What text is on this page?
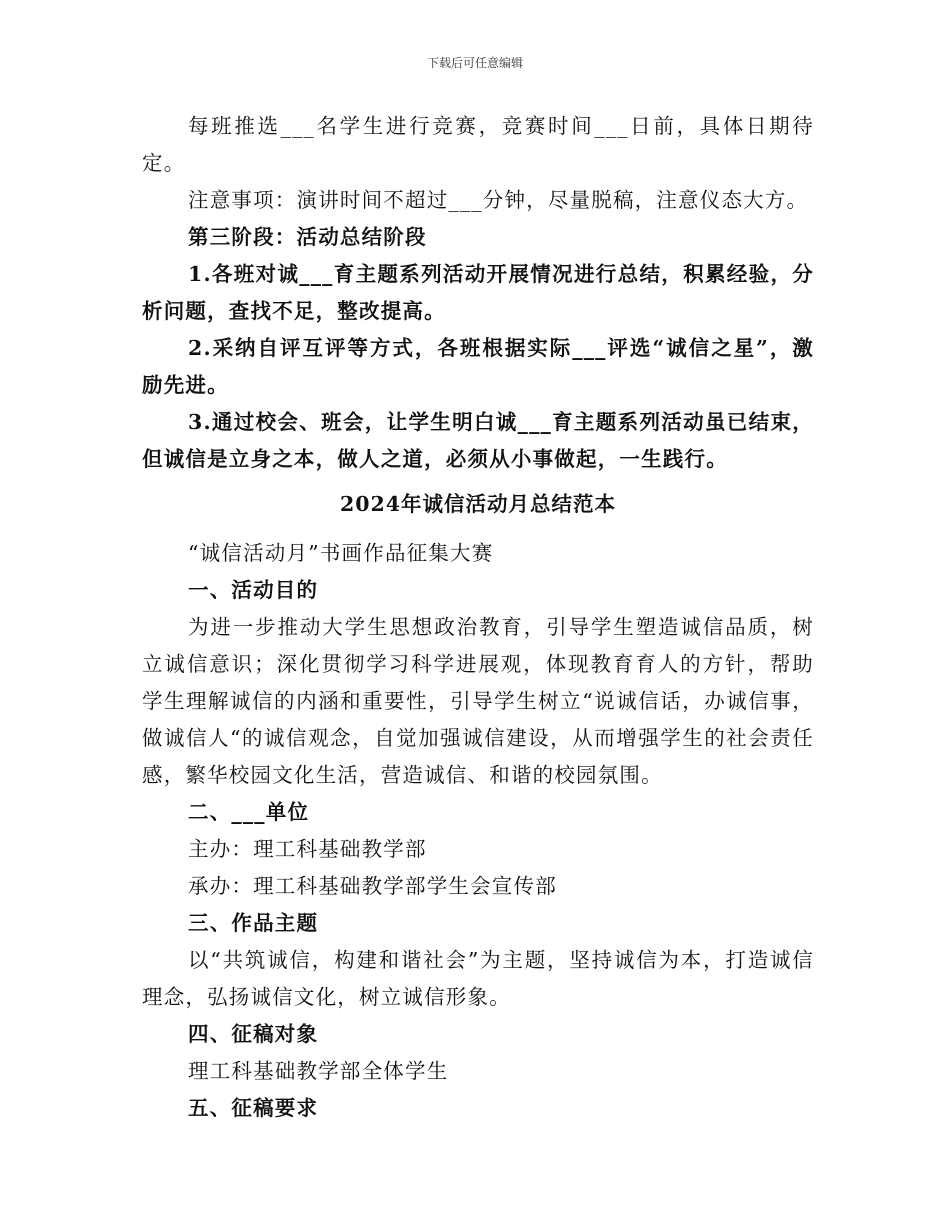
下载后可任意编辑

每班推选___名学生进行竞赛，竞赛时间___日前，具体日期待定。

注意事项：演讲时间不超过___分钟，尽量脱稿，注意仪态大方。

第三阶段：活动总结阶段

1.各班对诚___育主题系列活动开展情况进行总结，积累经验，分析问题，查找不足，整改提高。

2.采纳自评互评等方式，各班根据实际___评选“诚信之星”，激励先进。

3.通过校会、班会，让学生明白诚___育主题系列活动虽已结束，但诚信是立身之本，做人之道，必须从小事做起，一生践行。

2024年诚信活动月总结范本

“诚信活动月”书画作品征集大赛

一、活动目的

为进一步推动大学生思想政治教育，引导学生塑造诚信品质，树立诚信意识；深化贯彻学习科学进展观，体现教育育人的方针，帮助学生理解诚信的内涵和重要性，引导学生树立“说诚信话，办诚信事，做诚信人“的诚信观念，自觉加强诚信建设，从而增强学生的社会责任感，繁华校园文化生活，营造诚信、和谐的校园氛围。

二、___单位

主办：理工科基础教学部

承办：理工科基础教学部学生会宣传部

三、作品主题

以“共筑诚信，构建和谐社会”为主题，坚持诚信为本，打造诚信理念，弘扬诚信文化，树立诚信形象。

四、征稿对象

理工科基础教学部全体学生

五、征稿要求
